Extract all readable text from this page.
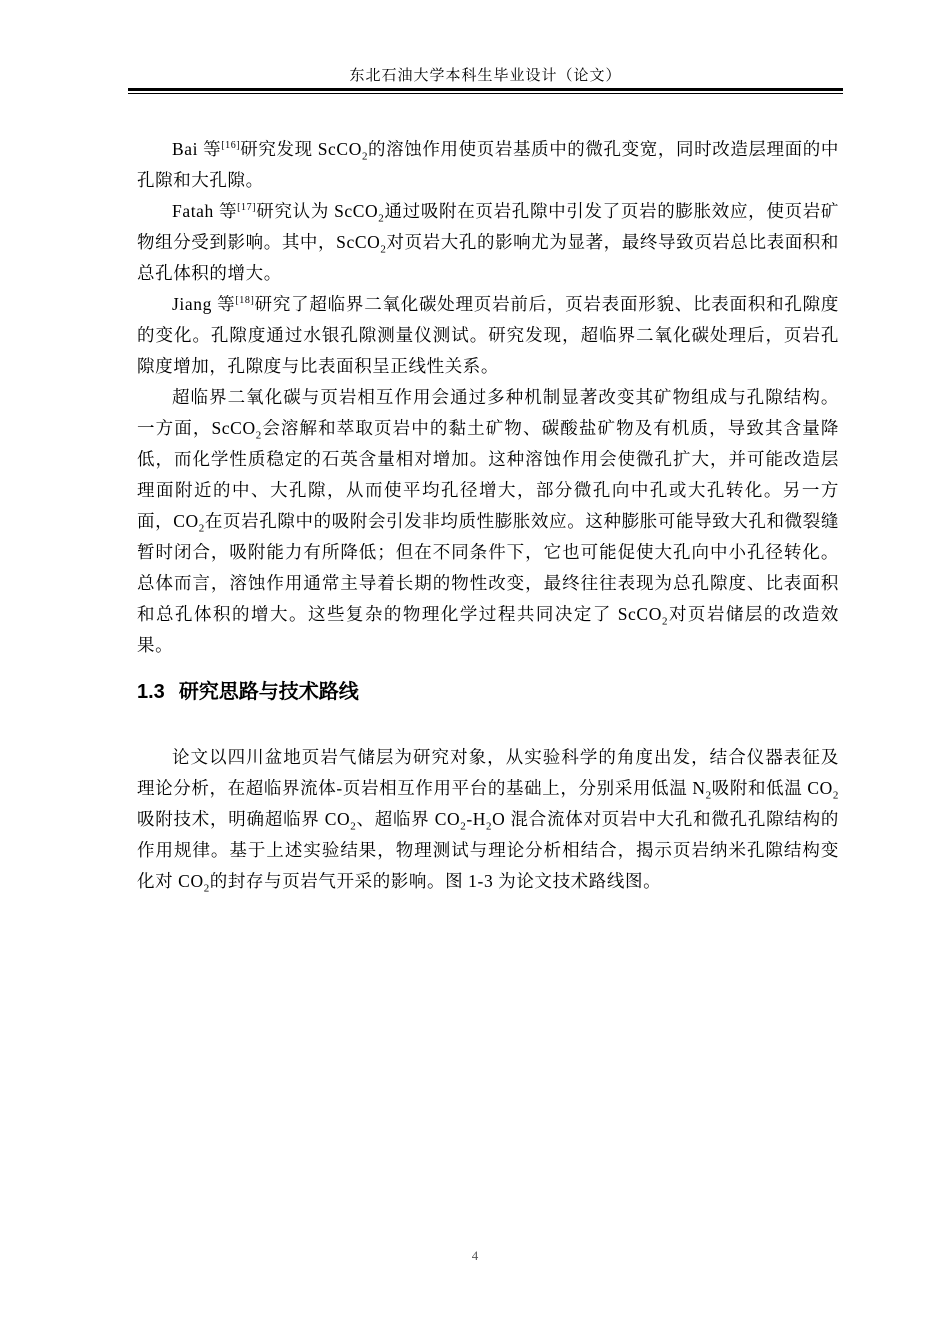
东北石油大学本科生毕业设计（论文）

Bai 等[16]研究发现 ScCO$_2$的溶蚀作用使页岩基质中的微孔变宽，同时改造层理面的中孔隙和大孔隙。

Fatah 等[17]研究认为 ScCO$_2$通过吸附在页岩孔隙中引发了页岩的膨胀效应，使页岩矿物组分受到影响。其中，ScCO$_2$对页岩大孔的影响尤为显著，最终导致页岩总比表面积和总孔体积的增大。

Jiang 等[18]研究了超临界二氧化碳处理页岩前后，页岩表面形貌、比表面积和孔隙度的变化。孔隙度通过水银孔隙测量仪测试。研究发现，超临界二氧化碳处理后，页岩孔隙度增加，孔隙度与比表面积呈正线性关系。

超临界二氧化碳与页岩相互作用会通过多种机制显著改变其矿物组成与孔隙结构。一方面，ScCO$_2$会溶解和萃取页岩中的黏土矿物、碳酸盐矿物及有机质，导致其含量降低，而化学性质稳定的石英含量相对增加。这种溶蚀作用会使微孔扩大，并可能改造层理面附近的中、大孔隙，从而使平均孔径增大，部分微孔向中孔或大孔转化。另一方面，$CO_2$在页岩孔隙中的吸附会引发非均质性膨胀效应。这种膨胀可能导致大孔和微裂缝暂时闭合，吸附能力有所降低；但在不同条件下，它也可能促使大孔向中小孔径转化。总体而言，溶蚀作用通常主导着长期的物性改变，最终往往表现为总孔隙度、比表面积和总孔体积的增大。这些复杂的物理化学过程共同决定了 ScCO$_2$对页岩储层的改造效果。

1.3 研究思路与技术路线

论文以四川盆地页岩气储层为研究对象，从实验科学的角度出发，结合仪器表征及理论分析，在超临界流体-页岩相互作用平台的基础上，分别采用低温 $N_2$吸附和低温 $CO_2$吸附技术，明确超临界 $CO_2$、超临界 $CO_2-H_2O$ 混合流体对页岩中大孔和微孔孔隙结构的作用规律。基于上述实验结果，物理测试与理论分析相结合，揭示页岩纳米孔隙结构变化对 $CO_2$的封存与页岩气开采的影响。图 1-3 为论文技术路线图。

4
